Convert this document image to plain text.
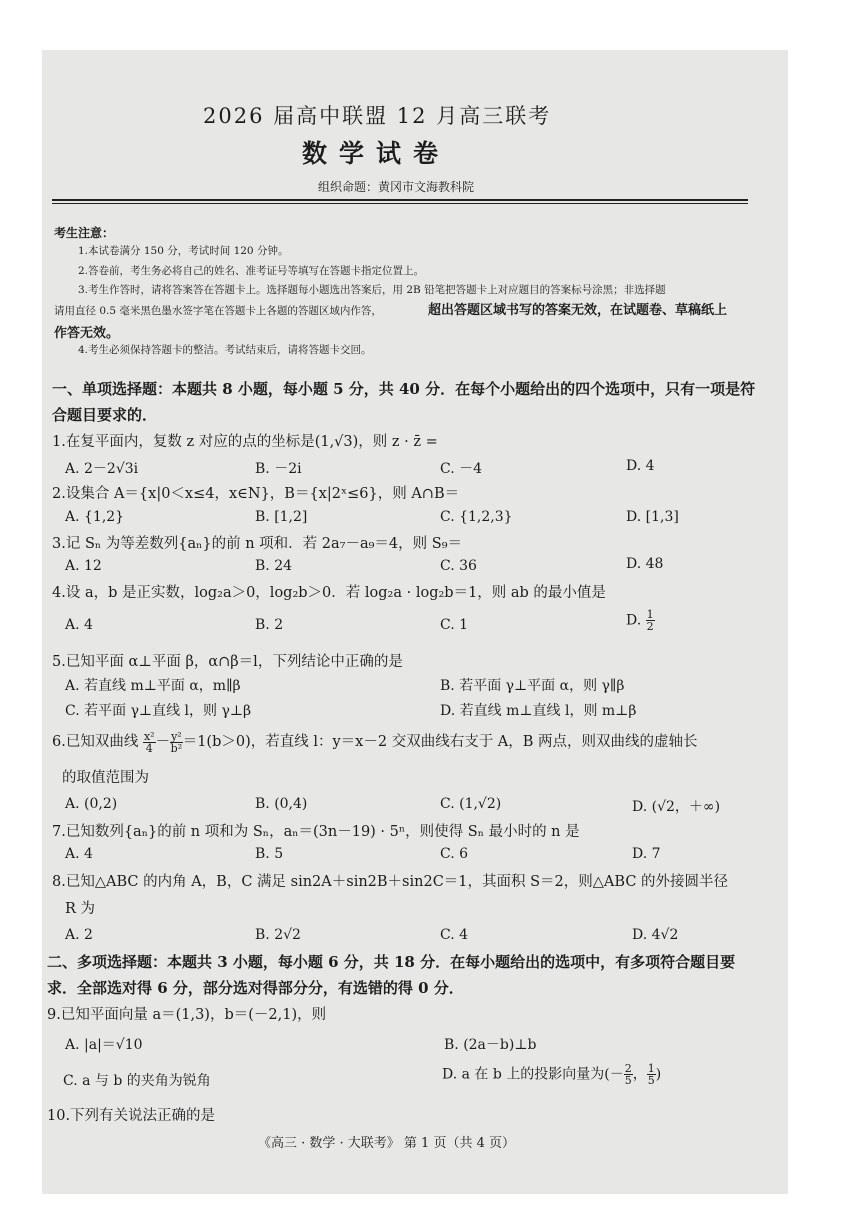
2026 届高中联盟 12 月高三联考
数学试卷
组织命题：黄冈市文海教科院
考生注意：
1.本试卷满分 150 分，考试时间 120 分钟。
2.答卷前，考生务必将自己的姓名、准考证号等填写在答题卡指定位置上。
3.考生作答时，请将答案答在答题卡上。选择题每小题选出答案后，用 2B 铅笔把答题卡上对应题目的答案标号涂黑；非选择题
请用直径 0.5 毫米黑色墨水签字笔在答题卡上各题的答题区域内作答，	超出答题区域书写的答案无效，在试题卷、草稿纸上
作答无效。
4.考生必须保持答题卡的整洁。考试结束后，请将答题卡交回。
一、单项选择题：本题共 8 小题，每小题 5 分，共 40 分．在每个小题给出的四个选项中，只有一项是符
合题目要求的．
1.在复平面内，复数 z 对应的点的坐标是(1,√3)，则 z · z̄ =
A. 2－2√3i	B. －2i	C. －4	D. 4
2.设集合 A＝{x|0＜x≤4，x∈N}，B＝{x|2ˣ≤6}，则 A∩B＝
A. {1,2}	B. [1,2]	C. {1,2,3}	D. [1,3]
3.记 Sₙ 为等差数列{aₙ}的前 n 项和．若 2a₇－a₉＝4，则 S₉＝
A. 12	B. 24	C. 36	D. 48
4.设 a，b 是正实数，log₂a＞0，log₂b＞0．若 log₂a · log₂b＝1，则 ab 的最小值是
A. 4	B. 2	C. 1	D. $\frac{1}{2}$
5.已知平面 α⊥平面 β，α∩β＝l，下列结论中正确的是
A. 若直线 m⊥平面 α，m∥β	B. 若平面 γ⊥平面 α，则 γ∥β
C. 若平面 γ⊥直线 l，则 γ⊥β	D. 若直线 m⊥直线 l，则 m⊥β
6.已知双曲线 $\frac{\text{x²}}{4} - \frac{\text{y²}}{\text{b²}} =1(b>0)$，若直线 l：y＝x－2 交双曲线右支于 A，B 两点，则双曲线的虚轴长
的取值范围为
A. (0,2)	B. (0,4)	C. (1,√2)	D. (√2，＋∞)
7.已知数列{aₙ}的前 n 项和为 Sₙ，aₙ＝(3n－19) · 5ⁿ，则使得 Sₙ 最小时的 n 是
A. 4	B. 5	C. 6	D. 7
8.已知△ABC 的内角 A，B，C 满足 sin2A＋sin2B＋sin2C＝1，其面积 S＝2，则△ABC 的外接圆半径
R 为
A. 2	B. 2√2	C. 4	D. 4√2
二、多项选择题：本题共 3 小题，每小题 6 分，共 18 分．在每小题给出的选项中，有多项符合题目要
求．全部选对得 6 分，部分选对得部分分，有选错的得 0 分．
9.已知平面向量 a＝(1,3)，b＝(－2,1)，则
A. |a|＝√10	B. (2a－b)⊥b
C. a 与 b 的夹角为锐角	D. a 在 b 上的投影向量为(－ $\frac{2}{5}$ ， $\frac{1}{5}$ )
10.下列有关说法正确的是
《高三 · 数学 · 大联考》 第 1 页（共 4 页）
